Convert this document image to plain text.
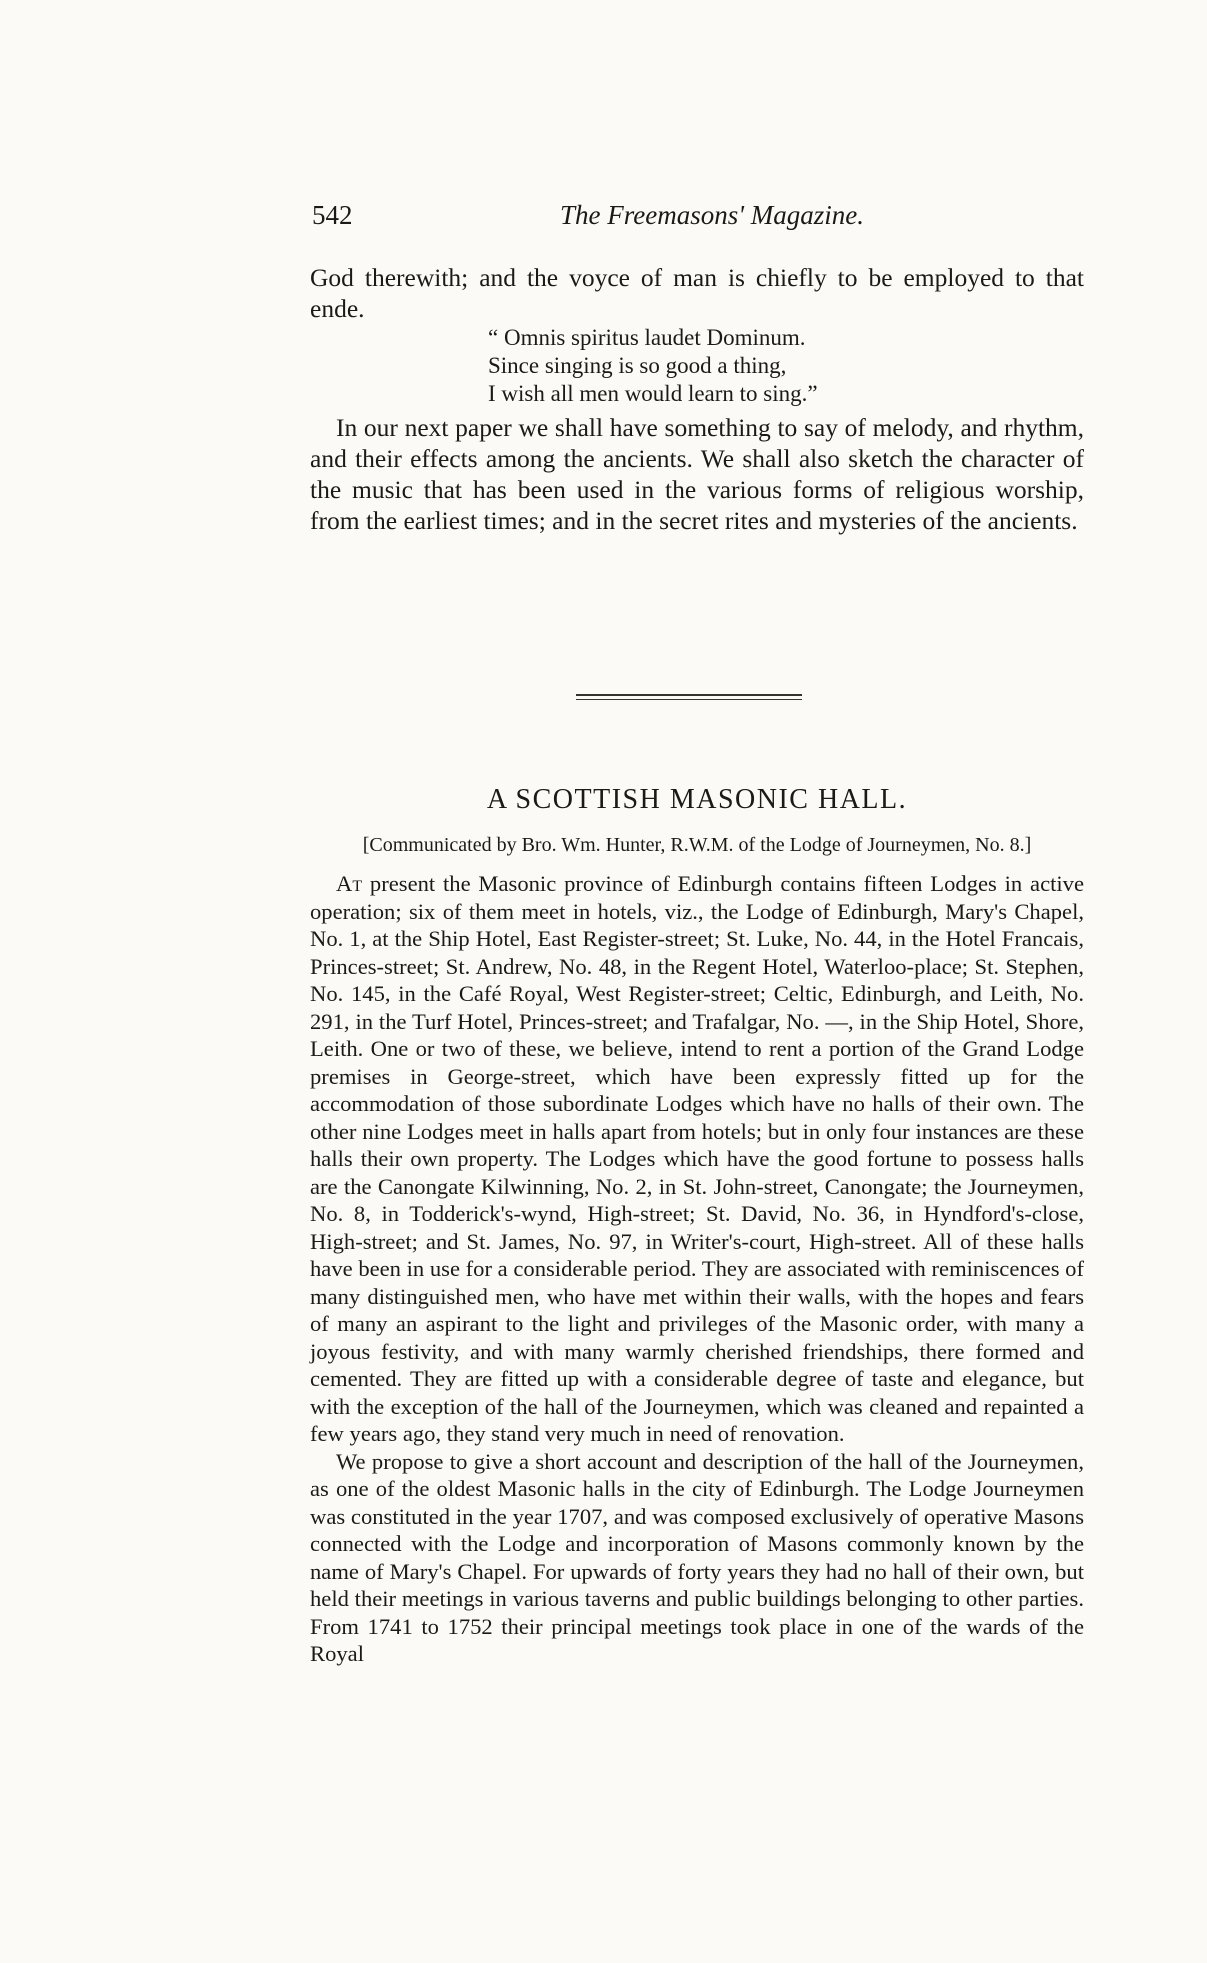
542	The Freemasons' Magazine.

God therewith; and the voyce of man is chiefly to be employed to that ende.

“ Omnis spiritus laudet Dominum.
Since singing is so good a thing,
I wish all men would learn to sing.”

In our next paper we shall have something to say of melody, and rhythm, and their effects among the ancients. We shall also sketch the character of the music that has been used in the various forms of religious worship, from the earliest times; and in the secret rites and mysteries of the ancients.

A SCOTTISH MASONIC HALL.
[Communicated by Bro. Wm. Hunter, R.W.M. of the Lodge of Journeymen, No. 8.]

At present the Masonic province of Edinburgh contains fifteen Lodges in active operation; six of them meet in hotels, viz., the Lodge of Edinburgh, Mary's Chapel, No. 1, at the Ship Hotel, East Register-street; St. Luke, No. 44, in the Hotel Francais, Princes-street; St. Andrew, No. 48, in the Regent Hotel, Waterloo-place; St. Stephen, No. 145, in the Café Royal, West Register-street; Celtic, Edinburgh, and Leith, No. 291, in the Turf Hotel, Princes-street; and Trafalgar, No. —, in the Ship Hotel, Shore, Leith. One or two of these, we believe, intend to rent a portion of the Grand Lodge premises in George-street, which have been expressly fitted up for the accommodation of those subordinate Lodges which have no halls of their own. The other nine Lodges meet in halls apart from hotels; but in only four instances are these halls their own property. The Lodges which have the good fortune to possess halls are the Canongate Kilwinning, No. 2, in St. John-street, Canongate; the Journeymen, No. 8, in Todderick's-wynd, High-street; St. David, No. 36, in Hyndford's-close, High-street; and St. James, No. 97, in Writer's-court, High-street. All of these halls have been in use for a considerable period. They are associated with reminiscences of many distinguished men, who have met within their walls, with the hopes and fears of many an aspirant to the light and privileges of the Masonic order, with many a joyous festivity, and with many warmly cherished friendships, there formed and cemented. They are fitted up with a considerable degree of taste and elegance, but with the exception of the hall of the Journeymen, which was cleaned and repainted a few years ago, they stand very much in need of renovation.

We propose to give a short account and description of the hall of the Journeymen, as one of the oldest Masonic halls in the city of Edinburgh. The Lodge Journeymen was constituted in the year 1707, and was composed exclusively of operative Masons connected with the Lodge and incorporation of Masons commonly known by the name of Mary's Chapel. For upwards of forty years they had no hall of their own, but held their meetings in various taverns and public buildings belonging to other parties. From 1741 to 1752 their principal meetings took place in one of the wards of the Royal
